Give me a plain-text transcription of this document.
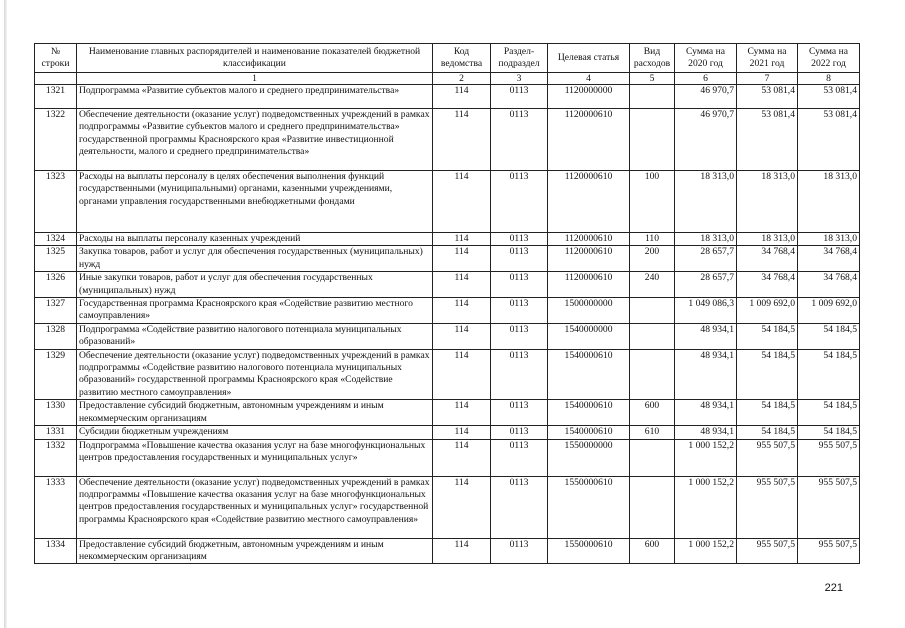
№ строки	Наименование главных распорядителей и наименование показателей бюджетной классификации	Код ведомства	Раздел-подраздел	Целевая статья	Вид расходов	Сумма на 2020 год	Сумма на 2021 год	Сумма на 2022 год
	1	2	3	4	5	6	7	8
1321	Подпрограмма «Развитие субъектов малого и среднего предпринимательства»	114	0113	1120000000		46 970,7	53 081,4	53 081,4
1322	Обеспечение деятельности (оказание услуг) подведомственных учреждений в рамках подпрограммы «Развитие субъектов малого и среднего предпринимательства» государственной программы Красноярского края «Развитие инвестиционной деятельности, малого и среднего предпринимательства»	114	0113	1120000610		46 970,7	53 081,4	53 081,4
1323	Расходы на выплаты персоналу в целях обеспечения выполнения функций государственными (муниципальными) органами, казенными учреждениями, органами управления государственными внебюджетными фондами	114	0113	1120000610	100	18 313,0	18 313,0	18 313,0
1324	Расходы на выплаты персоналу казенных учреждений	114	0113	1120000610	110	18 313,0	18 313,0	18 313,0
1325	Закупка товаров, работ и услуг для обеспечения государственных (муниципальных) нужд	114	0113	1120000610	200	28 657,7	34 768,4	34 768,4
1326	Иные закупки товаров, работ и услуг для обеспечения государственных (муниципальных) нужд	114	0113	1120000610	240	28 657,7	34 768,4	34 768,4
1327	Государственная программа Красноярского края «Содействие развитию местного самоуправления»	114	0113	1500000000		1 049 086,3	1 009 692,0	1 009 692,0
1328	Подпрограмма «Содействие развитию налогового потенциала муниципальных образований»	114	0113	1540000000		48 934,1	54 184,5	54 184,5
1329	Обеспечение деятельности (оказание услуг) подведомственных учреждений в рамках подпрограммы «Содействие развитию налогового потенциала муниципальных образований» государственной программы Красноярского края «Содействие развитию местного самоуправления»	114	0113	1540000610		48 934,1	54 184,5	54 184,5
1330	Предоставление субсидий бюджетным, автономным учреждениям и иным некоммерческим организациям	114	0113	1540000610	600	48 934,1	54 184,5	54 184,5
1331	Субсидии бюджетным учреждениям	114	0113	1540000610	610	48 934,1	54 184,5	54 184,5
1332	Подпрограмма «Повышение качества оказания услуг на базе многофункциональных центров предоставления государственных и муниципальных услуг»	114	0113	1550000000		1 000 152,2	955 507,5	955 507,5
1333	Обеспечение деятельности (оказание услуг) подведомственных учреждений в рамках подпрограммы «Повышение качества оказания услуг на базе многофункциональных центров предоставления государственных и муниципальных услуг» государственной программы Красноярского края «Содействие развитию местного самоуправления»	114	0113	1550000610		1 000 152,2	955 507,5	955 507,5
1334	Предоставление субсидий бюджетным, автономным учреждениям и иным некоммерческим организациям	114	0113	1550000610	600	1 000 152,2	955 507,5	955 507,5
221
